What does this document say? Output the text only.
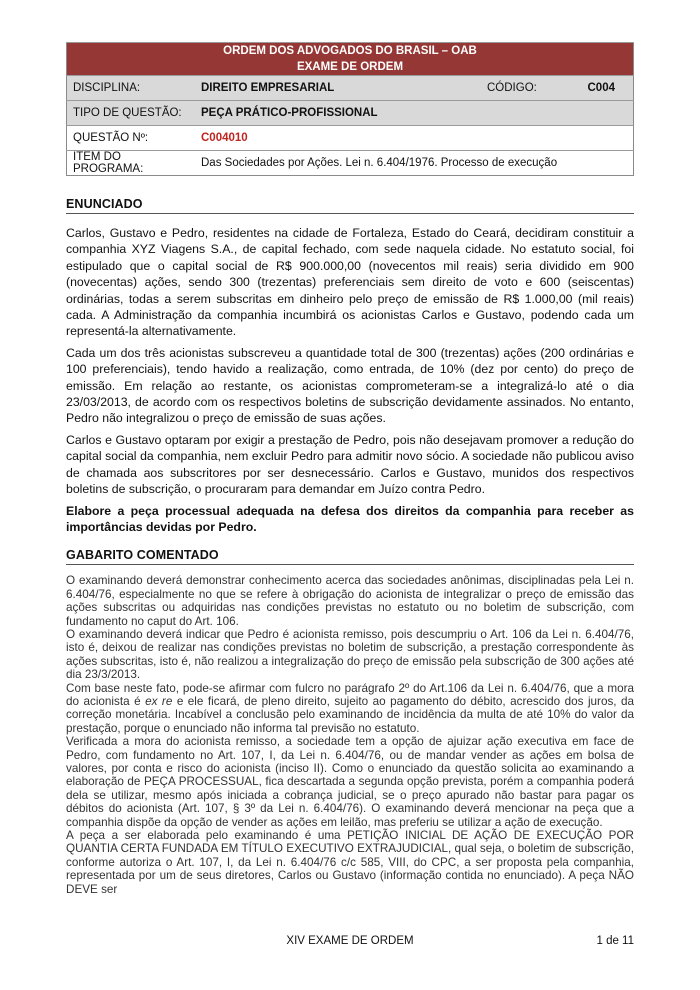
ORDEM DOS ADVOGADOS DO BRASIL – OAB
EXAME DE ORDEM			

DISCIPLINA:	DIREITO EMPRESARIAL	CÓDIGO:	C004
TIPO DE QUESTÃO:	PEÇA PRÁTICO-PROFISSIONAL		
QUESTÃO Nº:	C004010		
ITEM DO PROGRAMA:	Das Sociedades por Ações. Lei n. 6.404/1976. Processo de execução		
ENUNCIADO

Carlos, Gustavo e Pedro, residentes na cidade de Fortaleza, Estado do Ceará, decidiram constituir a companhia XYZ Viagens S.A., de capital fechado, com sede naquela cidade. No estatuto social, foi estipulado que o capital social de R$ 900.000,00 (novecentos mil reais) seria dividido em 900 (novecentas) ações, sendo 300 (trezentas) preferenciais sem direito de voto e 600 (seiscentas) ordinárias, todas a serem subscritas em dinheiro pelo preço de emissão de R$ 1.000,00 (mil reais) cada. A Administração da companhia incumbirá os acionistas Carlos e Gustavo, podendo cada um representá-la alternativamente.

Cada um dos três acionistas subscreveu a quantidade total de 300 (trezentas) ações (200 ordinárias e 100 preferenciais), tendo havido a realização, como entrada, de 10% (dez por cento) do preço de emissão. Em relação ao restante, os acionistas comprometeram-se a integralizá-lo até o dia 23/03/2013, de acordo com os respectivos boletins de subscrição devidamente assinados. No entanto, Pedro não integralizou o preço de emissão de suas ações.

Carlos e Gustavo optaram por exigir a prestação de Pedro, pois não desejavam promover a redução do capital social da companhia, nem excluir Pedro para admitir novo sócio. A sociedade não publicou aviso de chamada aos subscritores por ser desnecessário. Carlos e Gustavo, munidos dos respectivos boletins de subscrição, o procuraram para demandar em Juízo contra Pedro.

Elabore a peça processual adequada na defesa dos direitos da companhia para receber as importâncias devidas por Pedro.

GABARITO COMENTADO

O examinando deverá demonstrar conhecimento acerca das sociedades anônimas, disciplinadas pela Lei n. 6.404/76, especialmente no que se refere à obrigação do acionista de integralizar o preço de emissão das ações subscritas ou adquiridas nas condições previstas no estatuto ou no boletim de subscrição, com fundamento no caput do Art. 106.

O examinando deverá indicar que Pedro é acionista remisso, pois descumpriu o Art. 106 da Lei n. 6.404/76, isto é, deixou de realizar nas condições previstas no boletim de subscrição, a prestação correspondente às ações subscritas, isto é, não realizou a integralização do preço de emissão pela subscrição de 300 ações até dia 23/3/2013.

Com base neste fato, pode-se afirmar com fulcro no parágrafo 2º do Art.106 da Lei n. 6.404/76, que a mora do acionista é ex re e ele ficará, de pleno direito, sujeito ao pagamento do débito, acrescido dos juros, da correção monetária. Incabível a conclusão pelo examinando de incidência da multa de até 10% do valor da prestação, porque o enunciado não informa tal previsão no estatuto.

Verificada a mora do acionista remisso, a sociedade tem a opção de ajuizar ação executiva em face de Pedro, com fundamento no Art. 107, I, da Lei n. 6.404/76, ou de mandar vender as ações em bolsa de valores, por conta e risco do acionista (inciso II). Como o enunciado da questão solicita ao examinando a elaboração de PEÇA PROCESSUAL, fica descartada a segunda opção prevista, porém a companhia poderá dela se utilizar, mesmo após iniciada a cobrança judicial, se o preço apurado não bastar para pagar os débitos do acionista (Art. 107, § 3º da Lei n. 6.404/76). O examinando deverá mencionar na peça que a companhia dispõe da opção de vender as ações em leilão, mas preferiu se utilizar a ação de execução.

A peça a ser elaborada pelo examinando é uma PETIÇÃO INICIAL DE AÇÃO DE EXECUÇÃO POR QUANTIA CERTA FUNDADA EM TÍTULO EXECUTIVO EXTRAJUDICIAL, qual seja, o boletim de subscrição, conforme autoriza o Art. 107, I, da Lei n. 6.404/76 c/c 585, VIII, do CPC, a ser proposta pela companhia, representada por um de seus diretores, Carlos ou Gustavo (informação contida no enunciado). A peça NÃO DEVE ser

XIV EXAME DE ORDEM	1 de 11
